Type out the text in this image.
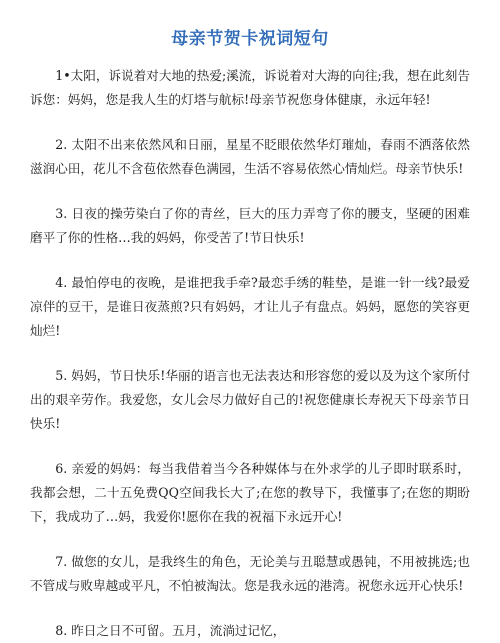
母亲节贺卡祝词短句

1•太阳，诉说着对大地的热爱;溪流，诉说着对大海的向往;我，想在此刻告诉您：妈妈，您是我人生的灯塔与航标!母亲节祝您身体健康，永远年轻!

2. 太阳不出来依然风和日丽，星星不眨眼依然华灯璀灿，春雨不洒落依然滋润心田，花儿不含苞依然春色满园，生活不容易依然心情灿烂。母亲节快乐!

3. 日夜的操劳染白了你的青丝，巨大的压力弄弯了你的腰支，坚硬的困难磨平了你的性格…我的妈妈，你受苦了!节日快乐!

4. 最怕停电的夜晚，是谁把我手牵?最恋手绣的鞋垫，是谁一针一线?最爱凉伴的豆干，是谁日夜蒸煎?只有妈妈，才让儿子有盘点。妈妈，愿您的笑容更灿烂!

5. 妈妈，节日快乐!华丽的语言也无法表达和形容您的爱以及为这个家所付出的艰辛劳作。我爱您，女儿会尽力做好自己的!祝您健康长寿祝天下母亲节日快乐!

6. 亲爱的妈妈：每当我借着当今各种媒体与在外求学的儿子即时联系时，我都会想，二十五免费QQ空间我长大了;在您的教导下，我懂事了;在您的期盼下，我成功了…妈，我爱你!愿你在我的祝福下永远开心!

7. 做您的女儿，是我终生的角色，无论美与丑聪慧或愚钝，不用被挑选;也不管成与败卑越或平凡，不怕被淘汰。您是我永远的港湾。祝您永远开心快乐!

8. 昨日之日不可留。五月，流淌过记忆，
